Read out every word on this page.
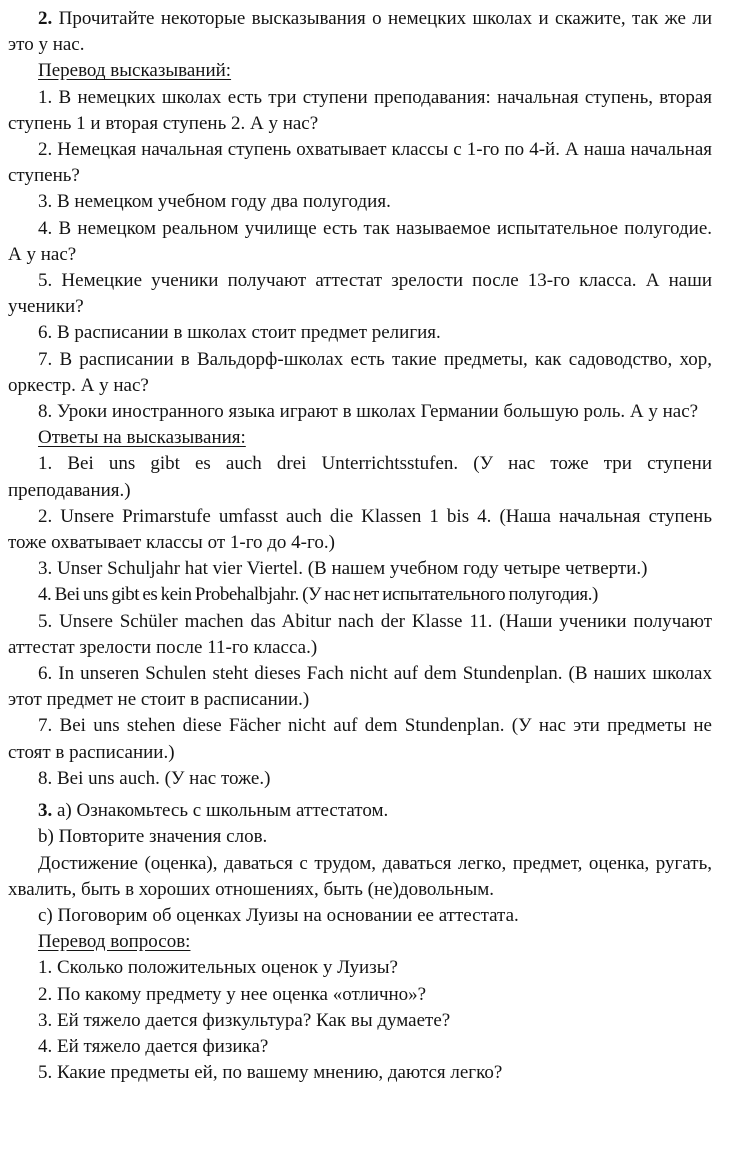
2. Прочитайте некоторые высказывания о немецких школах и скажите, так же ли это у нас.

Перевод высказываний:

1. В немецких школах есть три ступени преподавания: начальная ступень, вторая ступень 1 и вторая ступень 2. А у нас?

2. Немецкая начальная ступень охватывает классы с 1-го по 4-й. А наша начальная ступень?

3. В немецком учебном году два полугодия.

4. В немецком реальном училище есть так называемое испытательное полугодие. А у нас?

5. Немецкие ученики получают аттестат зрелости после 13-го класса. А наши ученики?

6. В расписании в школах стоит предмет религия.

7. В расписании в Вальдорф-школах есть такие предметы, как садоводство, хор, оркестр. А у нас?

8. Уроки иностранного языка играют в школах Германии большую роль. А у нас?

Ответы на высказывания:

1. Bei uns gibt es auch drei Unterrichtsstufen. (У нас тоже три ступени преподавания.)

2. Unsere Primarstufe umfasst auch die Klassen 1 bis 4. (Наша начальная ступень тоже охватывает классы от 1-го до 4-го.)

3. Unser Schuljahr hat vier Viertel. (В нашем учебном году четыре четверти.)

4. Bei uns gibt es kein Probehalbjahr. (У нас нет испытательного полугодия.)

5. Unsere Schüler machen das Abitur nach der Klasse 11. (Наши ученики получают аттестат зрелости после 11-го класса.)

6. In unseren Schulen steht dieses Fach nicht auf dem Stundenplan. (В наших школах этот предмет не стоит в расписании.)

7. Bei uns stehen diese Fächer nicht auf dem Stundenplan. (У нас эти предметы не стоят в расписании.)

8. Bei uns auch. (У нас тоже.)

3. а) Ознакомьтесь с школьным аттестатом.

b) Повторите значения слов.

Достижение (оценка), даваться с трудом, даваться легко, предмет, оценка, ругать, хвалить, быть в хороших отношениях, быть (не)довольным.

с) Поговорим об оценках Луизы на основании ее аттестата.

Перевод вопросов:

1. Сколько положительных оценок у Луизы?

2. По какому предмету у нее оценка «отлично»?

3. Ей тяжело дается физкультура? Как вы думаете?

4. Ей тяжело дается физика?

5. Какие предметы ей, по вашему мнению, даются легко?
